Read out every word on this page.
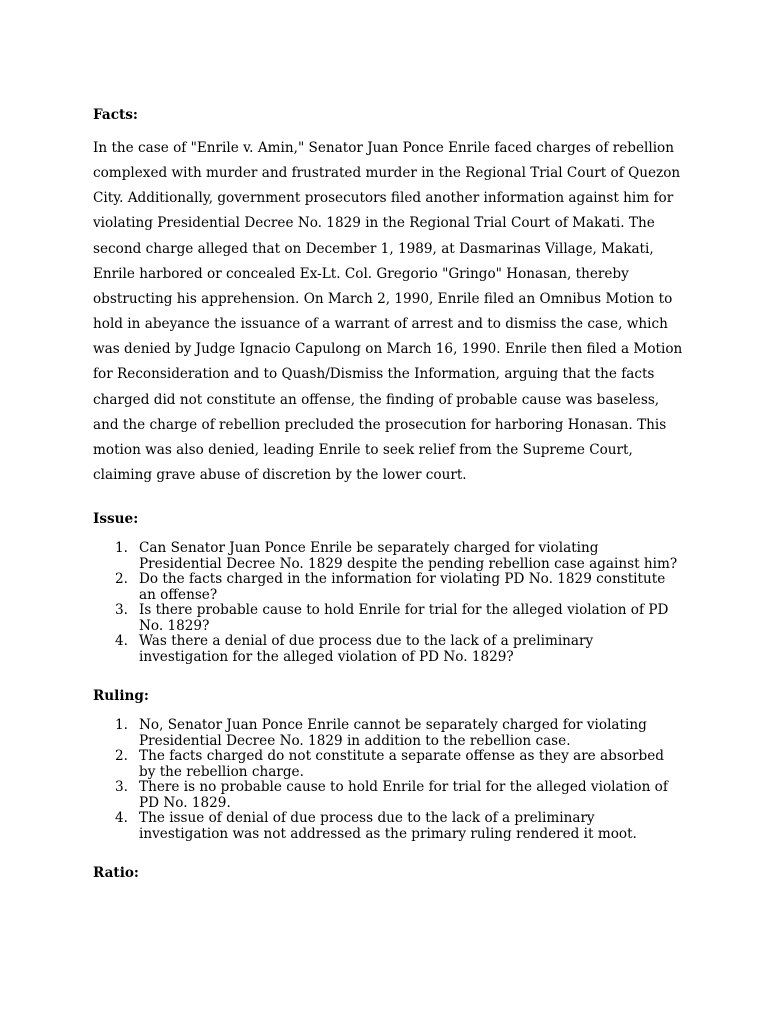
Facts:

In the case of "Enrile v. Amin," Senator Juan Ponce Enrile faced charges of rebellion complexed with murder and frustrated murder in the Regional Trial Court of Quezon City. Additionally, government prosecutors filed another information against him for violating Presidential Decree No. 1829 in the Regional Trial Court of Makati. The second charge alleged that on December 1, 1989, at Dasmarinas Village, Makati, Enrile harbored or concealed Ex-Lt. Col. Gregorio "Gringo" Honasan, thereby obstructing his apprehension. On March 2, 1990, Enrile filed an Omnibus Motion to hold in abeyance the issuance of a warrant of arrest and to dismiss the case, which was denied by Judge Ignacio Capulong on March 16, 1990. Enrile then filed a Motion for Reconsideration and to Quash/Dismiss the Information, arguing that the facts charged did not constitute an offense, the finding of probable cause was baseless, and the charge of rebellion precluded the prosecution for harboring Honasan. This motion was also denied, leading Enrile to seek relief from the Supreme Court, claiming grave abuse of discretion by the lower court.

Issue:

1. Can Senator Juan Ponce Enrile be separately charged for violating Presidential Decree No. 1829 despite the pending rebellion case against him?
2. Do the facts charged in the information for violating PD No. 1829 constitute an offense?
3. Is there probable cause to hold Enrile for trial for the alleged violation of PD No. 1829?
4. Was there a denial of due process due to the lack of a preliminary investigation for the alleged violation of PD No. 1829?

Ruling:

1. No, Senator Juan Ponce Enrile cannot be separately charged for violating Presidential Decree No. 1829 in addition to the rebellion case.
2. The facts charged do not constitute a separate offense as they are absorbed by the rebellion charge.
3. There is no probable cause to hold Enrile for trial for the alleged violation of PD No. 1829.
4. The issue of denial of due process due to the lack of a preliminary investigation was not addressed as the primary ruling rendered it moot.

Ratio:
